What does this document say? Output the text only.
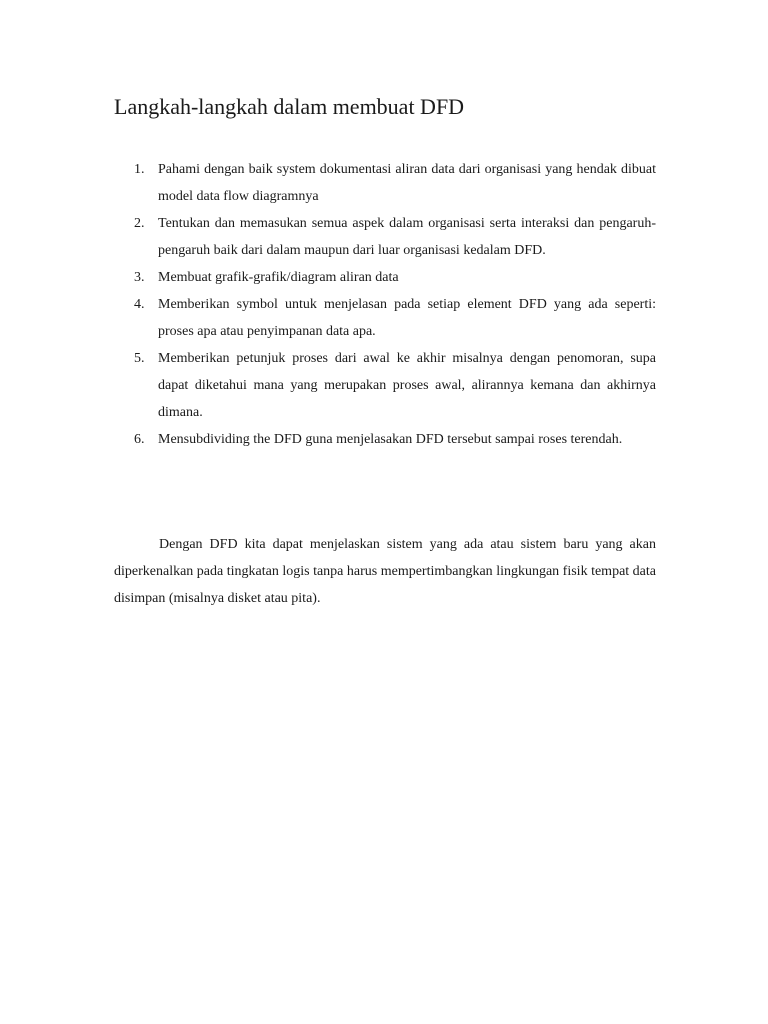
Langkah-langkah dalam membuat DFD
1. Pahami dengan baik system dokumentasi aliran data dari organisasi yang hendak dibuat model data flow diagramnya
2. Tentukan dan memasukan semua aspek dalam organisasi serta interaksi dan pengaruh-pengaruh baik dari dalam maupun dari luar organisasi kedalam DFD.
3. Membuat grafik-grafik/diagram aliran data
4. Memberikan symbol untuk menjelasan pada setiap element DFD yang ada seperti: proses apa atau penyimpanan data apa.
5. Memberikan petunjuk proses dari awal ke akhir misalnya dengan penomoran, supa dapat diketahui mana yang merupakan proses awal, alirannya kemana dan akhirnya dimana.
6. Mensubdividing the DFD guna menjelasakan DFD tersebut sampai roses terendah.

Dengan DFD kita dapat menjelaskan sistem yang ada atau sistem baru yang akan diperkenalkan pada tingkatan logis tanpa harus mempertimbangkan lingkungan fisik tempat data disimpan (misalnya disket atau pita).
